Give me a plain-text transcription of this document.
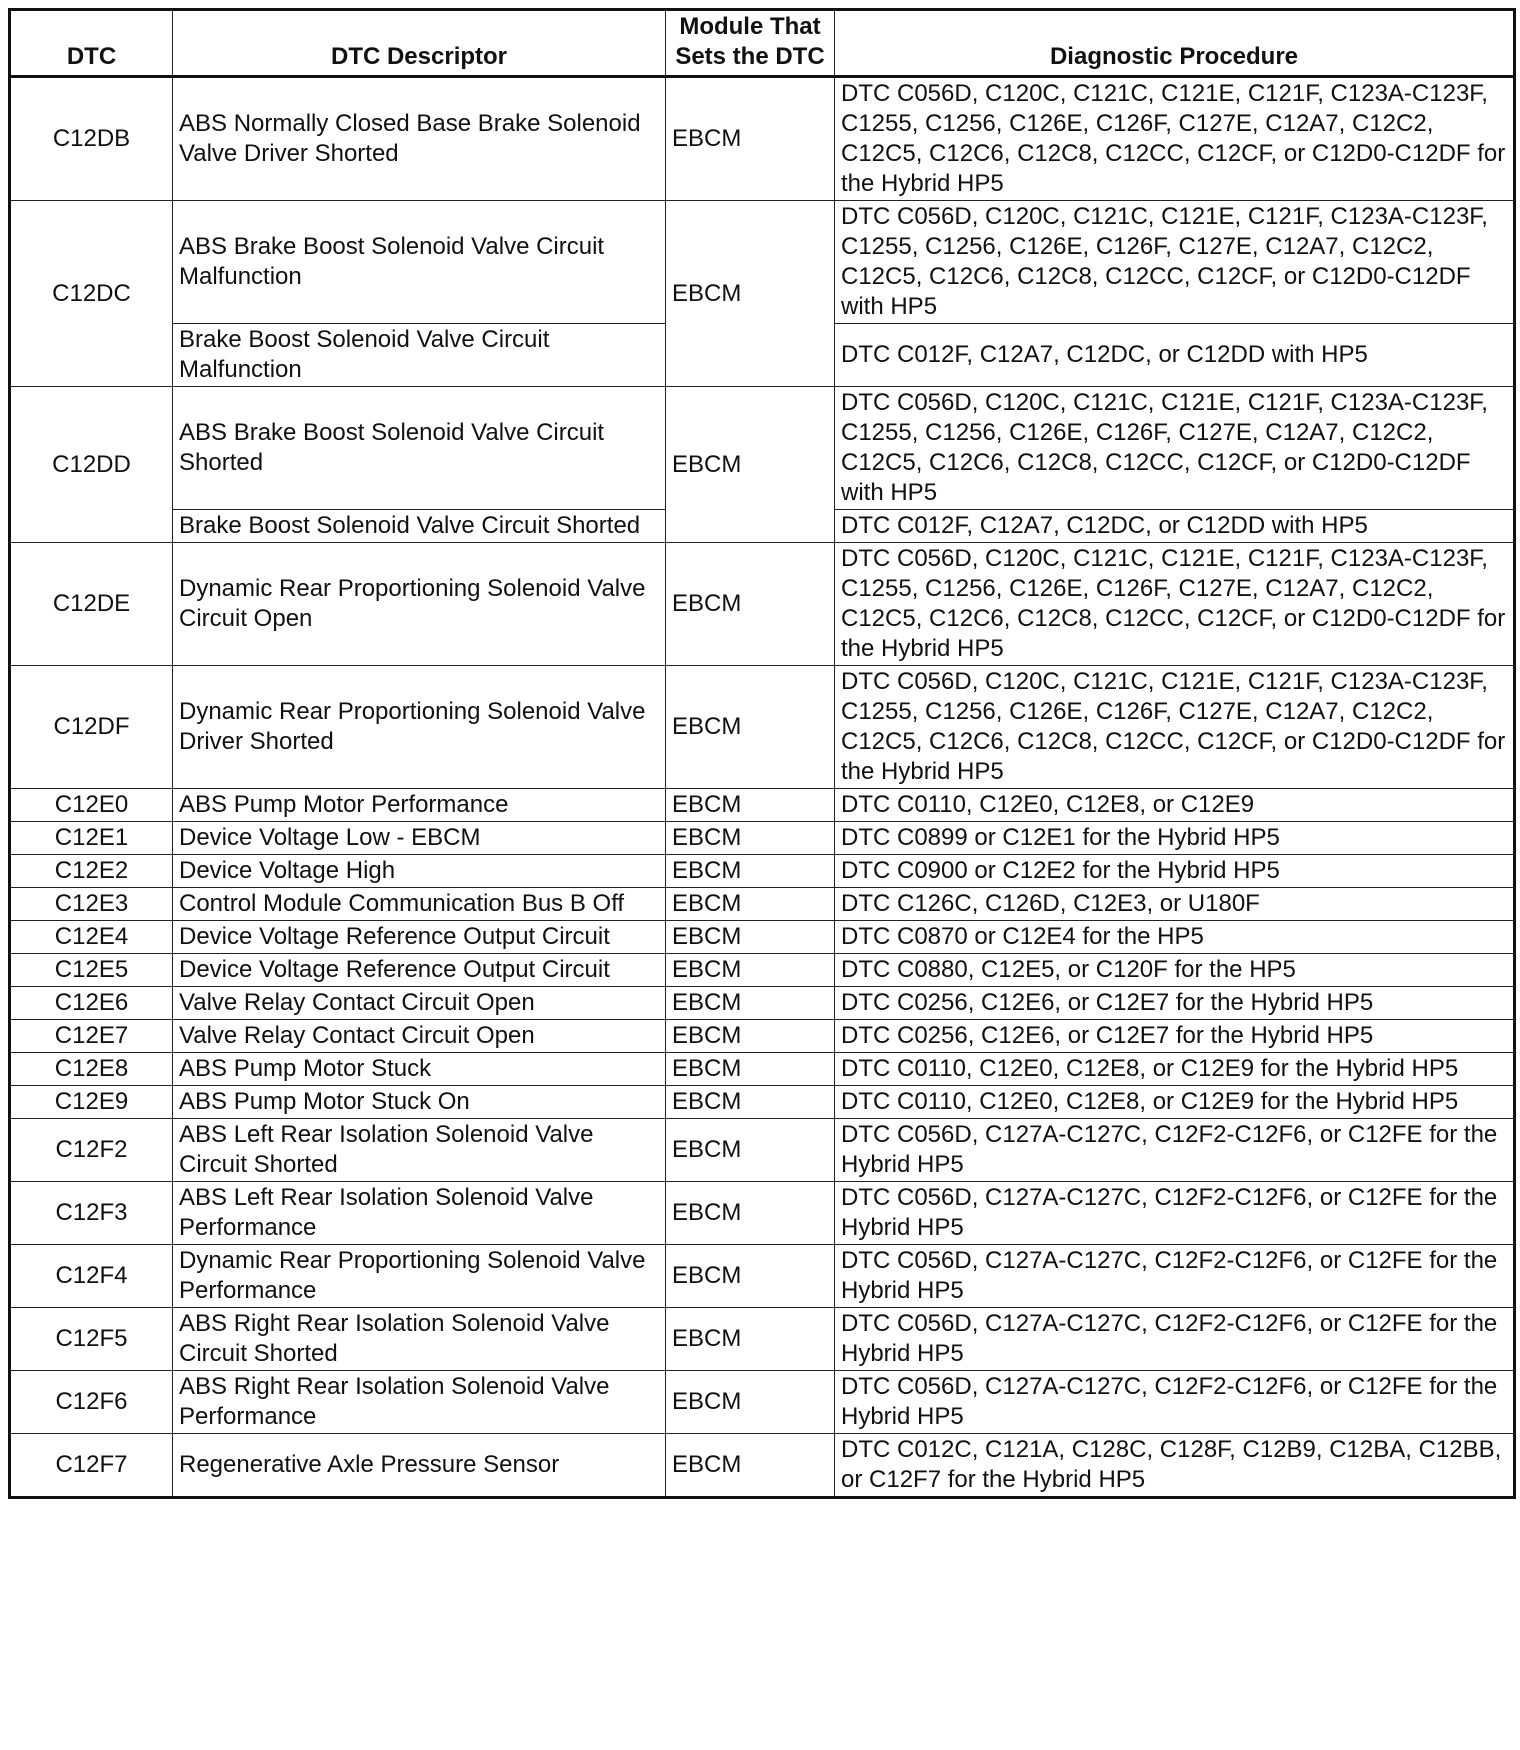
DTC	DTC Descriptor	Module That Sets the DTC	Diagnostic Procedure
C12DB	ABS Normally Closed Base Brake Solenoid Valve Driver Shorted	EBCM	DTC C056D, C120C, C121C, C121E, C121F, C123A-C123F, C1255, C1256, C126E, C126F, C127E, C12A7, C12C2, C12C5, C12C6, C12C8, C12CC, C12CF, or C12D0-C12DF for the Hybrid HP5
C12DC	ABS Brake Boost Solenoid Valve Circuit Malfunction	EBCM	DTC C056D, C120C, C121C, C121E, C121F, C123A-C123F, C1255, C1256, C126E, C126F, C127E, C12A7, C12C2, C12C5, C12C6, C12C8, C12CC, C12CF, or C12D0-C12DF with HP5
	Brake Boost Solenoid Valve Circuit Malfunction		DTC C012F, C12A7, C12DC, or C12DD with HP5
C12DD	ABS Brake Boost Solenoid Valve Circuit Shorted	EBCM	DTC C056D, C120C, C121C, C121E, C121F, C123A-C123F, C1255, C1256, C126E, C126F, C127E, C12A7, C12C2, C12C5, C12C6, C12C8, C12CC, C12CF, or C12D0-C12DF with HP5
	Brake Boost Solenoid Valve Circuit Shorted		DTC C012F, C12A7, C12DC, or C12DD with HP5
C12DE	Dynamic Rear Proportioning Solenoid Valve Circuit Open	EBCM	DTC C056D, C120C, C121C, C121E, C121F, C123A-C123F, C1255, C1256, C126E, C126F, C127E, C12A7, C12C2, C12C5, C12C6, C12C8, C12CC, C12CF, or C12D0-C12DF for the Hybrid HP5
C12DF	Dynamic Rear Proportioning Solenoid Valve Driver Shorted	EBCM	DTC C056D, C120C, C121C, C121E, C121F, C123A-C123F, C1255, C1256, C126E, C126F, C127E, C12A7, C12C2, C12C5, C12C6, C12C8, C12CC, C12CF, or C12D0-C12DF for the Hybrid HP5
C12E0	ABS Pump Motor Performance	EBCM	DTC C0110, C12E0, C12E8, or C12E9
C12E1	Device Voltage Low - EBCM	EBCM	DTC C0899 or C12E1 for the Hybrid HP5
C12E2	Device Voltage High	EBCM	DTC C0900 or C12E2 for the Hybrid HP5
C12E3	Control Module Communication Bus B Off	EBCM	DTC C126C, C126D, C12E3, or U180F
C12E4	Device Voltage Reference Output Circuit	EBCM	DTC C0870 or C12E4 for the HP5
C12E5	Device Voltage Reference Output Circuit	EBCM	DTC C0880, C12E5, or C120F for the HP5
C12E6	Valve Relay Contact Circuit Open	EBCM	DTC C0256, C12E6, or C12E7 for the Hybrid HP5
C12E7	Valve Relay Contact Circuit Open	EBCM	DTC C0256, C12E6, or C12E7 for the Hybrid HP5
C12E8	ABS Pump Motor Stuck	EBCM	DTC C0110, C12E0, C12E8, or C12E9 for the Hybrid HP5
C12E9	ABS Pump Motor Stuck On	EBCM	DTC C0110, C12E0, C12E8, or C12E9 for the Hybrid HP5
C12F2	ABS Left Rear Isolation Solenoid Valve Circuit Shorted	EBCM	DTC C056D, C127A-C127C, C12F2-C12F6, or C12FE for the Hybrid HP5
C12F3	ABS Left Rear Isolation Solenoid Valve Performance	EBCM	DTC C056D, C127A-C127C, C12F2-C12F6, or C12FE for the Hybrid HP5
C12F4	Dynamic Rear Proportioning Solenoid Valve Performance	EBCM	DTC C056D, C127A-C127C, C12F2-C12F6, or C12FE for the Hybrid HP5
C12F5	ABS Right Rear Isolation Solenoid Valve Circuit Shorted	EBCM	DTC C056D, C127A-C127C, C12F2-C12F6, or C12FE for the Hybrid HP5
C12F6	ABS Right Rear Isolation Solenoid Valve Performance	EBCM	DTC C056D, C127A-C127C, C12F2-C12F6, or C12FE for the Hybrid HP5
C12F7	Regenerative Axle Pressure Sensor	EBCM	DTC C012C, C121A, C128C, C128F, C12B9, C12BA, C12BB, or C12F7 for the Hybrid HP5
